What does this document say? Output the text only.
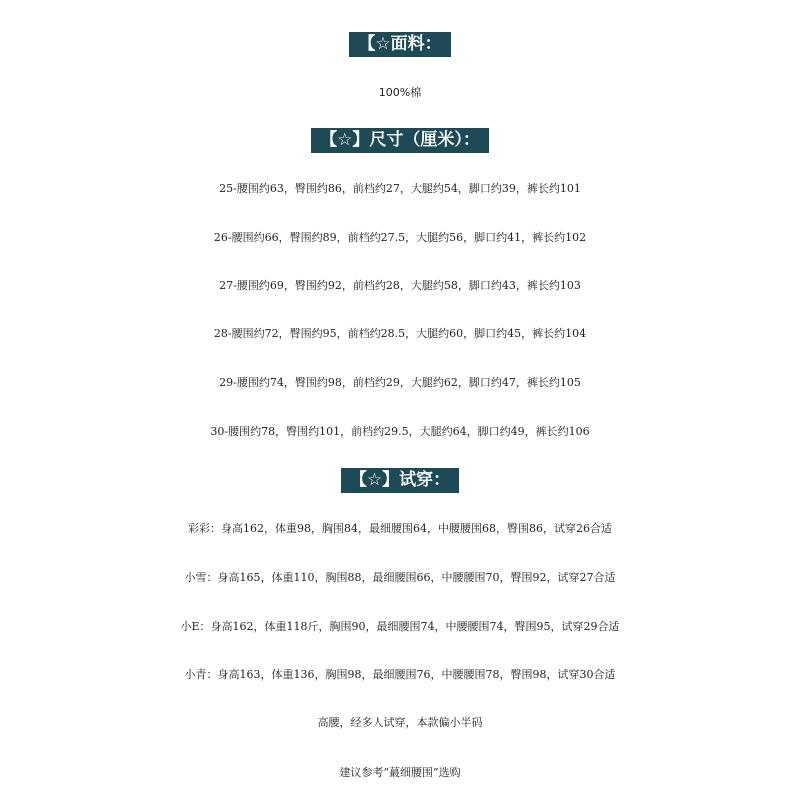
【☆面料：
100%棉
【☆】尺寸（厘米）：
25-腰围约63，臀围约86，前档约27，大腿约54，脚口约39，裤长约101
26-腰围约66，臀围约89，前档约27.5，大腿约56，脚口约41，裤长约102
27-腰围约69，臀围约92，前档约28，大腿约58，脚口约43，裤长约103
28-腰围约72，臀围约95，前档约28.5，大腿约60，脚口约45，裤长约104
29-腰围约74，臀围约98，前档约29，大腿约62，脚口约47，裤长约105
30-腰围约78，臀围约101，前档约29.5，大腿约64，脚口约49，裤长约106
【☆】试穿：
彩彩：身高162，体重98，胸围84，最细腰围64，中腰腰围68，臀围86，试穿26合适
小雪：身高165，体重110，胸围88，最细腰围66，中腰腰围70，臀围92，试穿27合适
小E：身高162，体重118斤，胸围90，最细腰围74，中腰腰围74，臀围95，试穿29合适
小青：身高163，体重136，胸围98，最细腰围76，中腰腰围78，臀围98，试穿30合适
高腰，经多人试穿，本款偏小半码
建议参考“蕞细腰围”选购
